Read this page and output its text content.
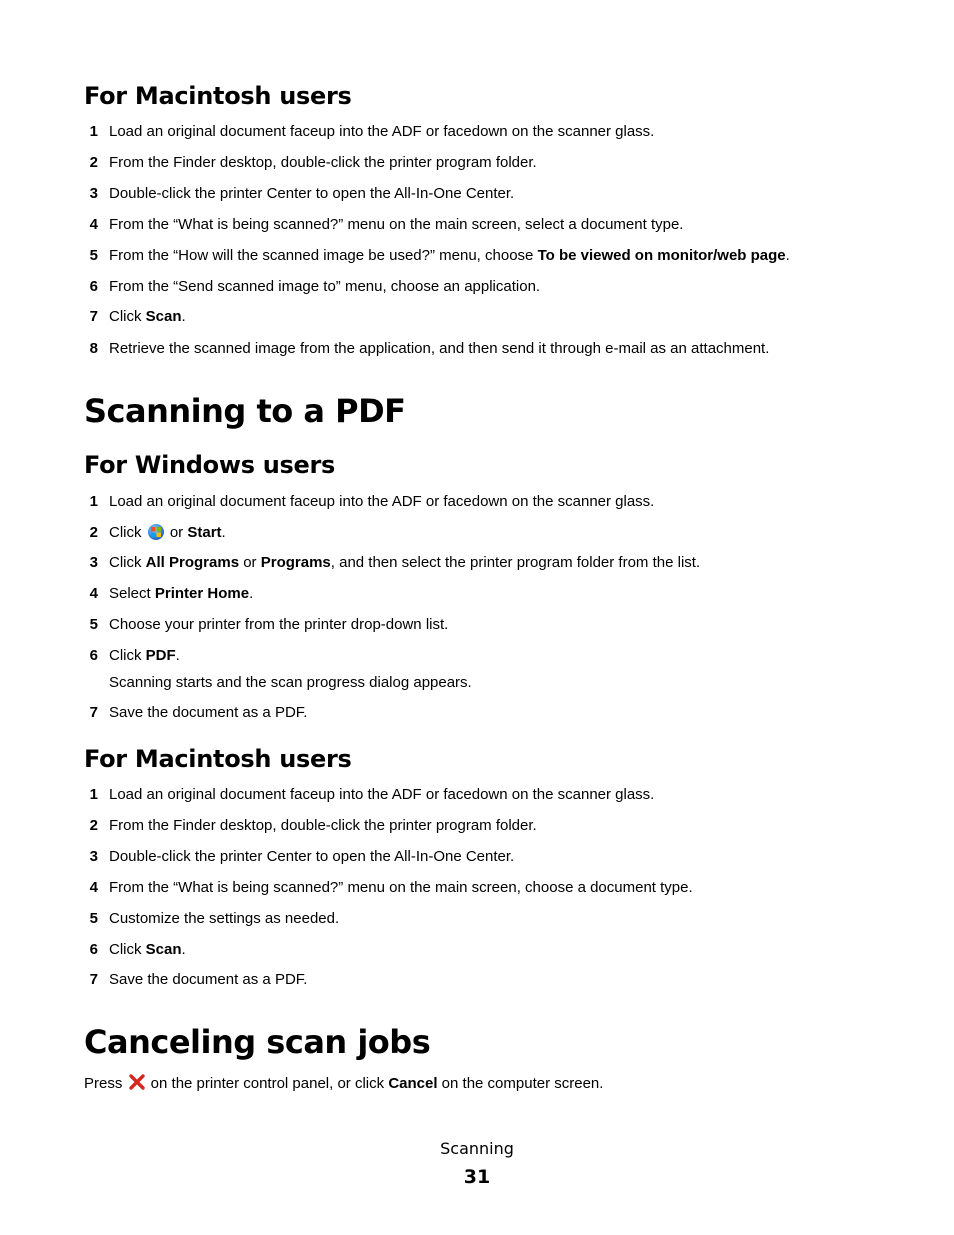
For Macintosh users
1 Load an original document faceup into the ADF or facedown on the scanner glass.
2 From the Finder desktop, double-click the printer program folder.
3 Double-click the printer Center to open the All-In-One Center.
4 From the “What is being scanned?” menu on the main screen, select a document type.
5 From the “How will the scanned image be used?” menu, choose To be viewed on monitor/web page.
6 From the “Send scanned image to” menu, choose an application.
7 Click Scan.
8 Retrieve the scanned image from the application, and then send it through e-mail as an attachment.
Scanning to a PDF
For Windows users
1 Load an original document faceup into the ADF or facedown on the scanner glass.
2 Click
or Start.
3 Click All Programs or Programs, and then select the printer program folder from the list.
4 Select Printer Home.
5 Choose your printer from the printer drop-down list.
6 Click PDF.
Scanning starts and the scan progress dialog appears.
7 Save the document as a PDF.
For Macintosh users
1 Load an original document faceup into the ADF or facedown on the scanner glass.
2 From the Finder desktop, double-click the printer program folder.
3 Double-click the printer Center to open the All-In-One Center.
4 From the “What is being scanned?” menu on the main screen, choose a document type.
5 Customize the settings as needed.
6 Click Scan.
7 Save the document as a PDF.
Canceling scan jobs
Press  on the printer control panel, or click Cancel on the computer screen.
Scanning
31
